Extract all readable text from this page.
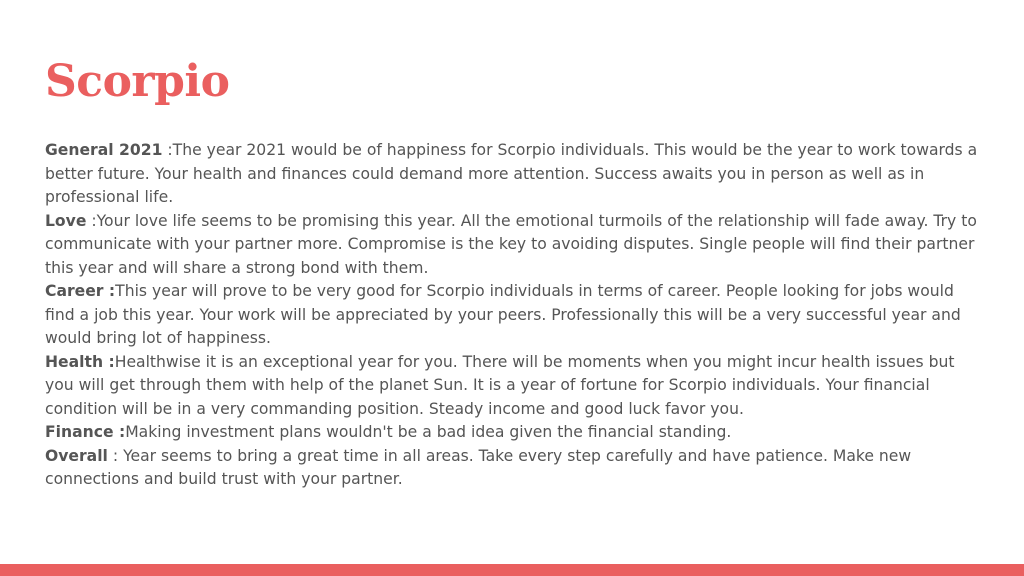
Scorpio

General 2021 :The year 2021 would be of happiness for Scorpio individuals. This would be the year to work towards a better future. Your health and finances could demand more attention. Success awaits you in person as well as in professional life.

Love :Your love life seems to be promising this year. All the emotional turmoils of the relationship will fade away. Try to communicate with your partner more. Compromise is the key to avoiding disputes. Single people will find their partner this year and will share a strong bond with them.

Career :This year will prove to be very good for Scorpio individuals in terms of career. People looking for jobs would find a job this year. Your work will be appreciated by your peers. Professionally this will be a very successful year and would bring lot of happiness.

Health :Healthwise it is an exceptional year for you. There will be moments when you might incur health issues but you will get through them with help of the planet Sun. It is a year of fortune for Scorpio individuals. Your financial condition will be in a very commanding position. Steady income and good luck favor you.

Finance :Making investment plans wouldn't be a bad idea given the financial standing.

Overall : Year seems to bring a great time in all areas. Take every step carefully and have patience. Make new connections and build trust with your partner.
